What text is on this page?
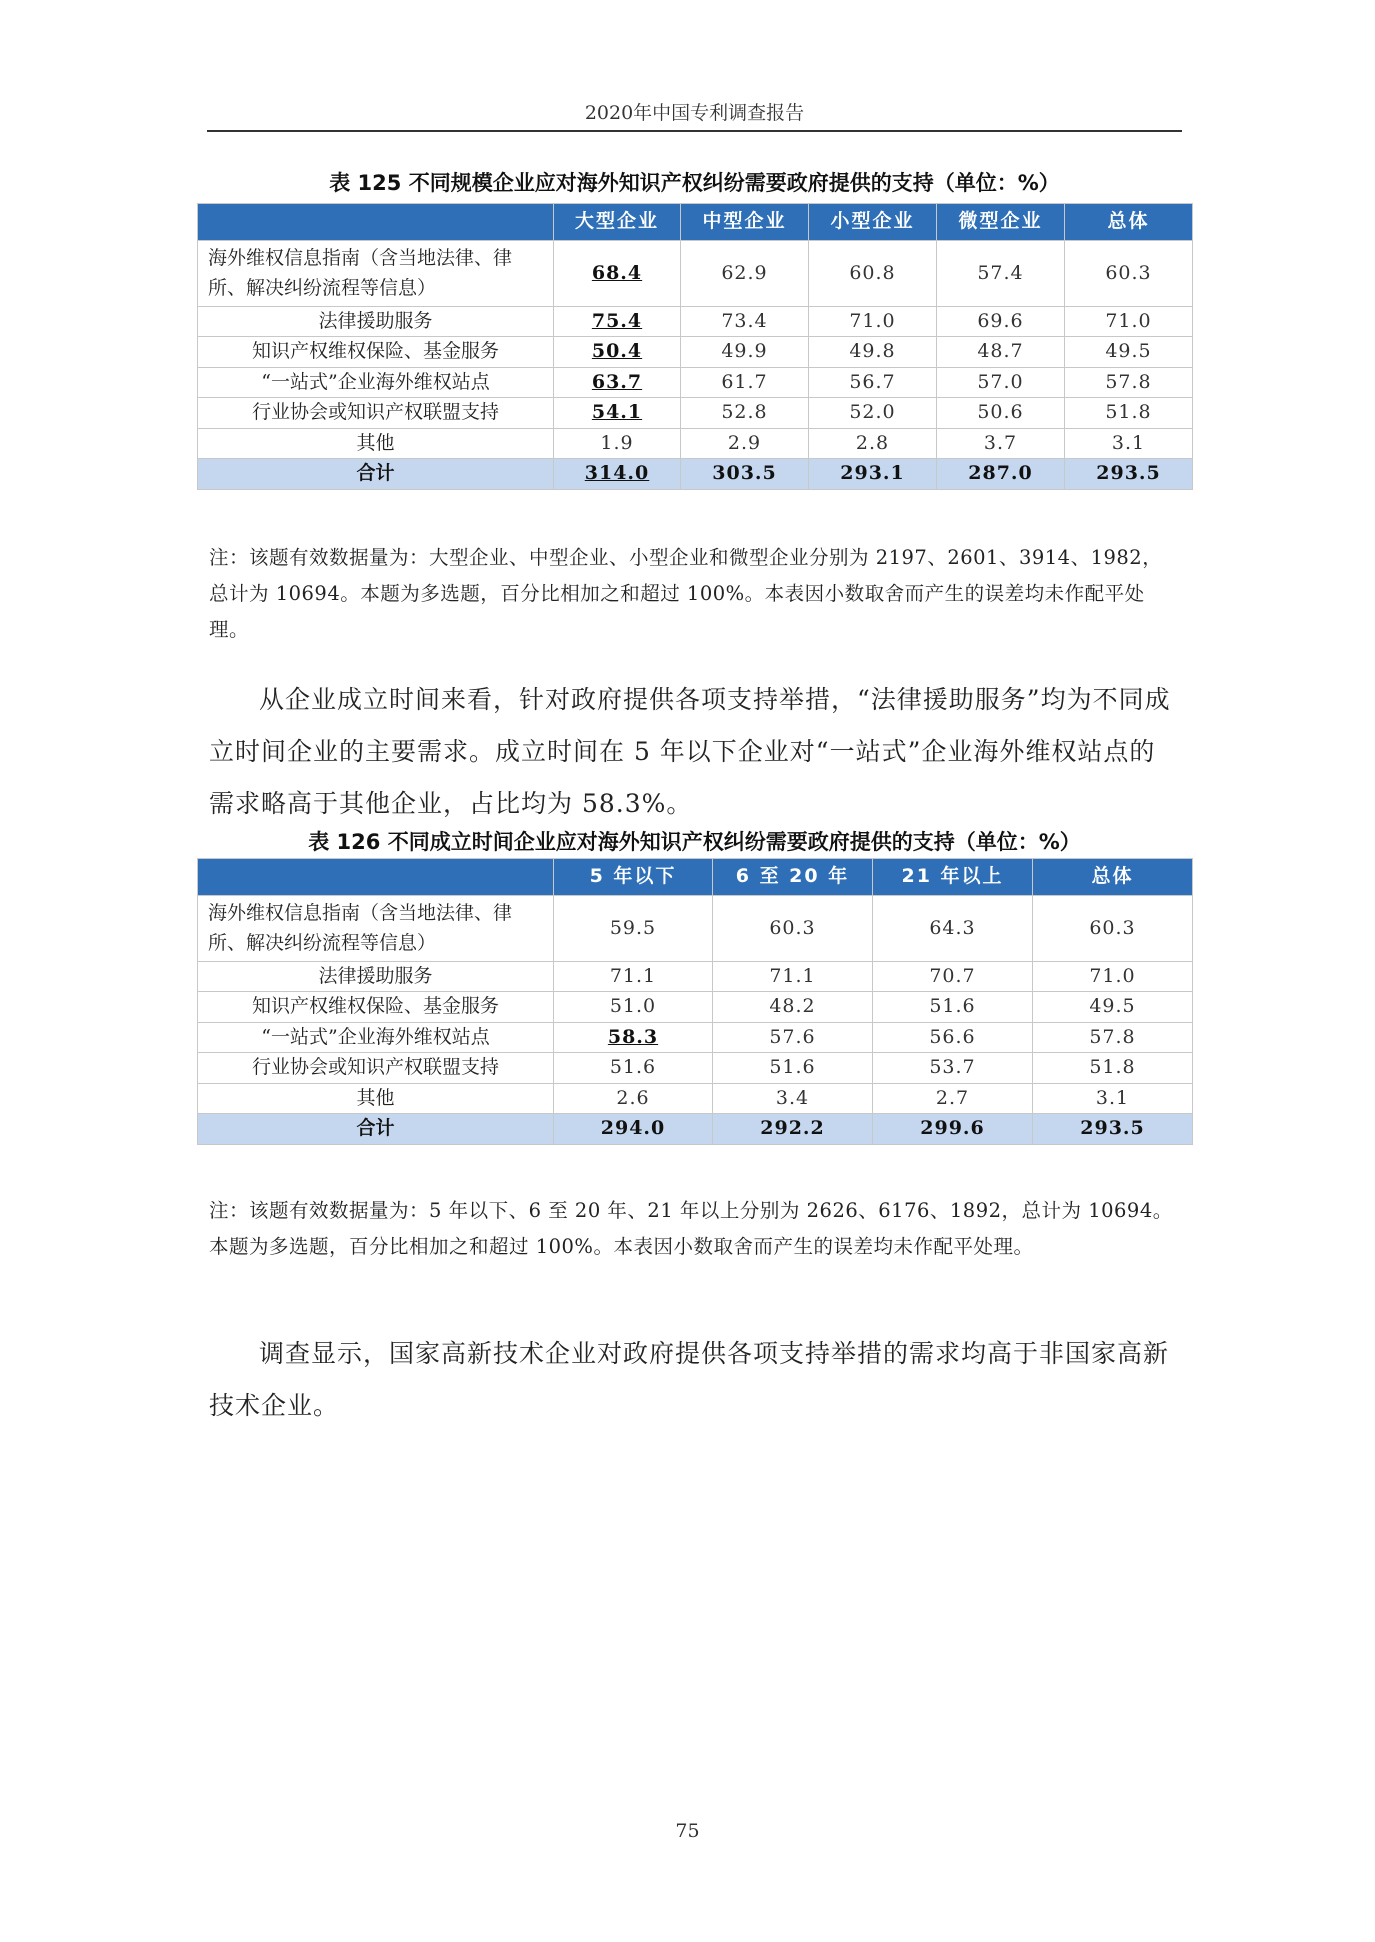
2020年中国专利调查报告
表 125 不同规模企业应对海外知识产权纠纷需要政府提供的支持（单位：%）
	大型企业	中型企业	小型企业	微型企业	总体
海外维权信息指南（含当地法律、律所、解决纠纷流程等信息）	68.4	62.9	60.8	57.4	60.3
法律援助服务	75.4	73.4	71.0	69.6	71.0
知识产权维权保险、基金服务	50.4	49.9	49.8	48.7	49.5
“一站式”企业海外维权站点	63.7	61.7	56.7	57.0	57.8
行业协会或知识产权联盟支持	54.1	52.8	52.0	50.6	51.8
其他	1.9	2.9	2.8	3.7	3.1
合计	314.0	303.5	293.1	287.0	293.5
注：该题有效数据量为：大型企业、中型企业、小型企业和微型企业分别为 2197、2601、3914、1982，总计为 10694。本题为多选题，百分比相加之和超过 100%。本表因小数取舍而产生的误差均未作配平处理。
从企业成立时间来看，针对政府提供各项支持举措，“法律援助服务”均为不同成立时间企业的主要需求。成立时间在 5 年以下企业对“一站式”企业海外维权站点的需求略高于其他企业，占比均为 58.3%。
表 126 不同成立时间企业应对海外知识产权纠纷需要政府提供的支持（单位：%）
	5 年以下	6 至 20 年	21 年以上	总体
海外维权信息指南（含当地法律、律所、解决纠纷流程等信息）	59.5	60.3	64.3	60.3
法律援助服务	71.1	71.1	70.7	71.0
知识产权维权保险、基金服务	51.0	48.2	51.6	49.5
“一站式”企业海外维权站点	58.3	57.6	56.6	57.8
行业协会或知识产权联盟支持	51.6	51.6	53.7	51.8
其他	2.6	3.4	2.7	3.1
合计	294.0	292.2	299.6	293.5
注：该题有效数据量为：5 年以下、6 至 20 年、21 年以上分别为 2626、6176、1892，总计为 10694。本题为多选题，百分比相加之和超过 100%。本表因小数取舍而产生的误差均未作配平处理。
调查显示，国家高新技术企业对政府提供各项支持举措的需求均高于非国家高新技术企业。
75
